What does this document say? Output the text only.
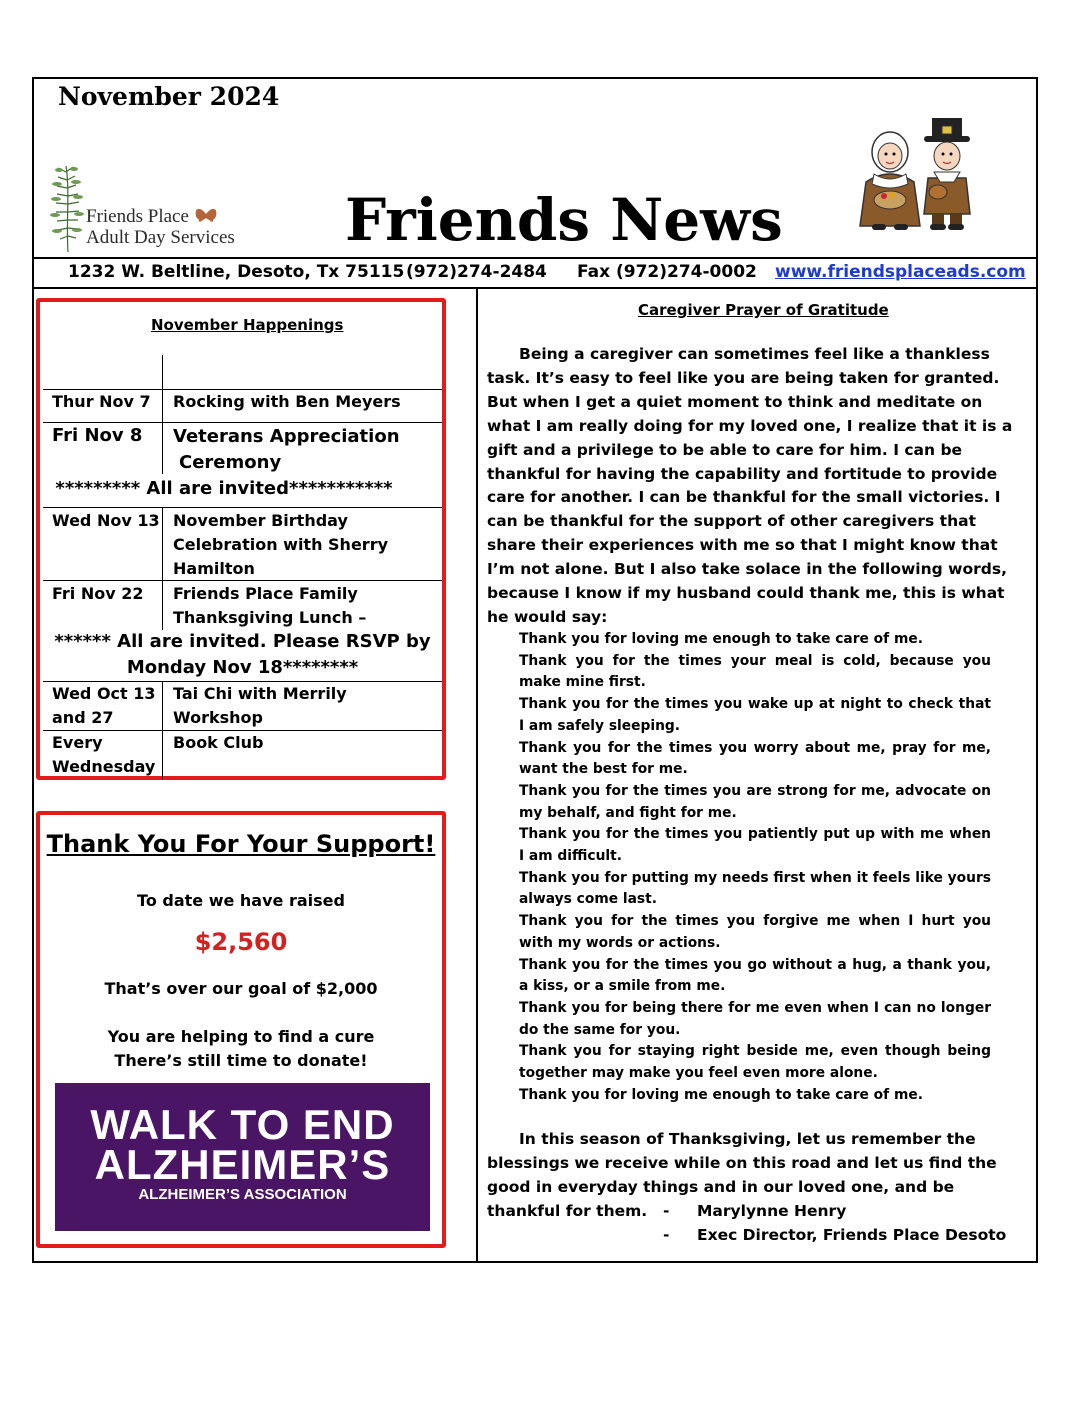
November 2024
Friends Place
Adult Day Services Friends News
1232 W. Beltline, Desoto, Tx 75115 (972)274-2484 Fax (972)274-0002 www.friendsplaceads.com
November Happenings
Thur Nov 7 Rocking with Ben Meyers
Fri Nov 8 Veterans Appreciation
Ceremony
********* All are invited***********
Wed Nov 13 November Birthday
Celebration with Sherry
Hamilton
Fri Nov 22 Friends Place Family
Thanksgiving Lunch –
****** All are invited. Please RSVP by
Monday Nov 18********
Wed Oct 13
and 27
Tai Chi with Merrily
Workshop
Every
Wednesday
Book Club
Thank You For Your Support!
To date we have raised
$2,560
That’s over our goal of $2,000
You are helping to find a cure
There’s still time to donate!
WALK TO END
ALZHEIMER’S
ALZHEIMER’S ASSOCIATION
Caregiver Prayer of Gratitude
Being a caregiver can sometimes feel like a thankless task. It’s easy to feel like you are being taken for granted. But when I get a quiet moment to think and meditate on what I am really doing for my loved one, I realize that it is a gift and a privilege to be able to care for him. I can be thankful for having the capability and fortitude to provide care for another. I can be thankful for the small victories. I can be thankful for the support of other caregivers that share their experiences with me so that I might know that I’m not alone. But I also take solace in the following words, because I know if my husband could thank me, this is what he would say:
Thank you for loving me enough to take care of me.
Thank you for the times your meal is cold, because you make mine first.
Thank you for the times you wake up at night to check that I am safely sleeping.
Thank you for the times you worry about me, pray for me, want the best for me.
Thank you for the times you are strong for me, advocate on my behalf, and fight for me.
Thank you for the times you patiently put up with me when I am difficult.
Thank you for putting my needs first when it feels like yours always come last.
Thank you for the times you forgive me when I hurt you with my words or actions.
Thank you for the times you go without a hug, a thank you, a kiss, or a smile from me.
Thank you for being there for me even when I can no longer do the same for you.
Thank you for staying right beside me, even though being together may make you feel even more alone.
Thank you for loving me enough to take care of me.
In this season of Thanksgiving, let us remember the blessings we receive while on this road and let us find the good in everyday things and in our loved one, and be thankful for them.	- Marylynne Henry
- Exec Director, Friends Place Desoto
